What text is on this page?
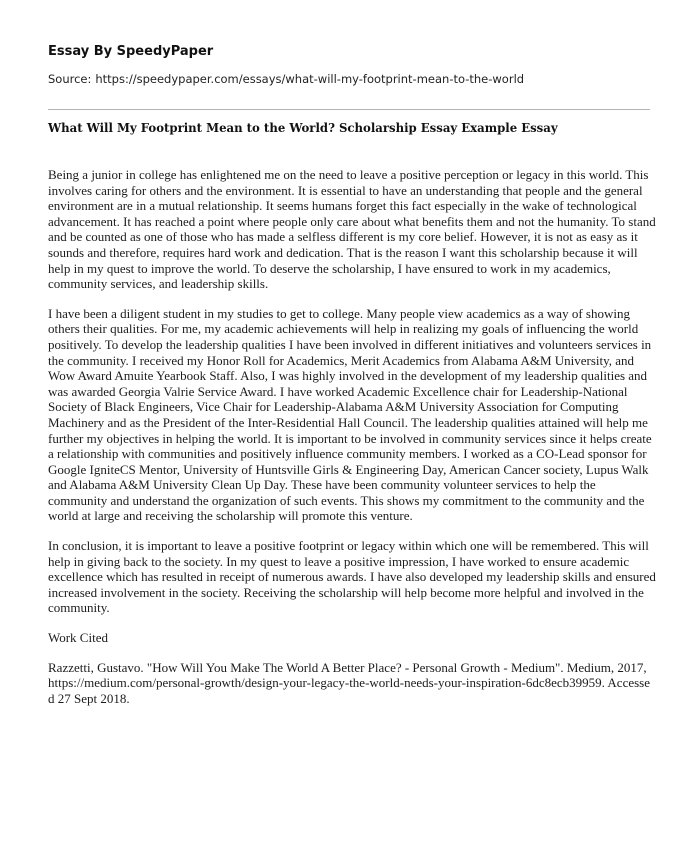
Essay By SpeedyPaper
Source: https://speedypaper.com/essays/what-will-my-footprint-mean-to-the-world
What Will My Footprint Mean to the World? Scholarship Essay Example Essay

Being a junior in college has enlightened me on the need to leave a positive perception or legacy in this world. This involves caring for others and the environment. It is essential to have an understanding that people and the general environment are in a mutual relationship. It seems humans forget this fact especially in the wake of technological advancement. It has reached a point where people only care about what benefits them and not the humanity. To stand and be counted as one of those who has made a selfless different is my core belief. However, it is not as easy as it sounds and therefore, requires hard work and dedication. That is the reason I want this scholarship because it will help in my quest to improve the world. To deserve the scholarship, I have ensured to work in my academics, community services, and leadership skills.

I have been a diligent student in my studies to get to college. Many people view academics as a way of showing others their qualities. For me, my academic achievements will help in realizing my goals of influencing the world positively. To develop the leadership qualities I have been involved in different initiatives and volunteers services in the community. I received my Honor Roll for Academics, Merit Academics from Alabama A&M University, and Wow Award Amuite Yearbook Staff. Also, I was highly involved in the development of my leadership qualities and was awarded Georgia Valrie Service Award. I have worked Academic Excellence chair for Leadership-National Society of Black Engineers, Vice Chair for Leadership-Alabama A&M University Association for Computing Machinery and as the President of the Inter-Residential Hall Council. The leadership qualities attained will help me further my objectives in helping the world. It is important to be involved in community services since it helps create a relationship with communities and positively influence community members. I worked as a CO-Lead sponsor for Google IgniteCS Mentor, University of Huntsville Girls & Engineering Day, American Cancer society, Lupus Walk and Alabama A&M University Clean Up Day. These have been community volunteer services to help the community and understand the organization of such events. This shows my commitment to the community and the world at large and receiving the scholarship will promote this venture.

In conclusion, it is important to leave a positive footprint or legacy within which one will be remembered. This will help in giving back to the society. In my quest to leave a positive impression, I have worked to ensure academic excellence which has resulted in receipt of numerous awards. I have also developed my leadership skills and ensured increased involvement in the society. Receiving the scholarship will help become more helpful and involved in the community.

Work Cited

Razzetti, Gustavo. "How Will You Make The World A Better Place? - Personal Growth - Medium". Medium, 2017, https://medium.com/personal-growth/design-your-legacy-the-world-needs-your-inspiration-6dc8ecb39959. Accessed 27 Sept 2018.
